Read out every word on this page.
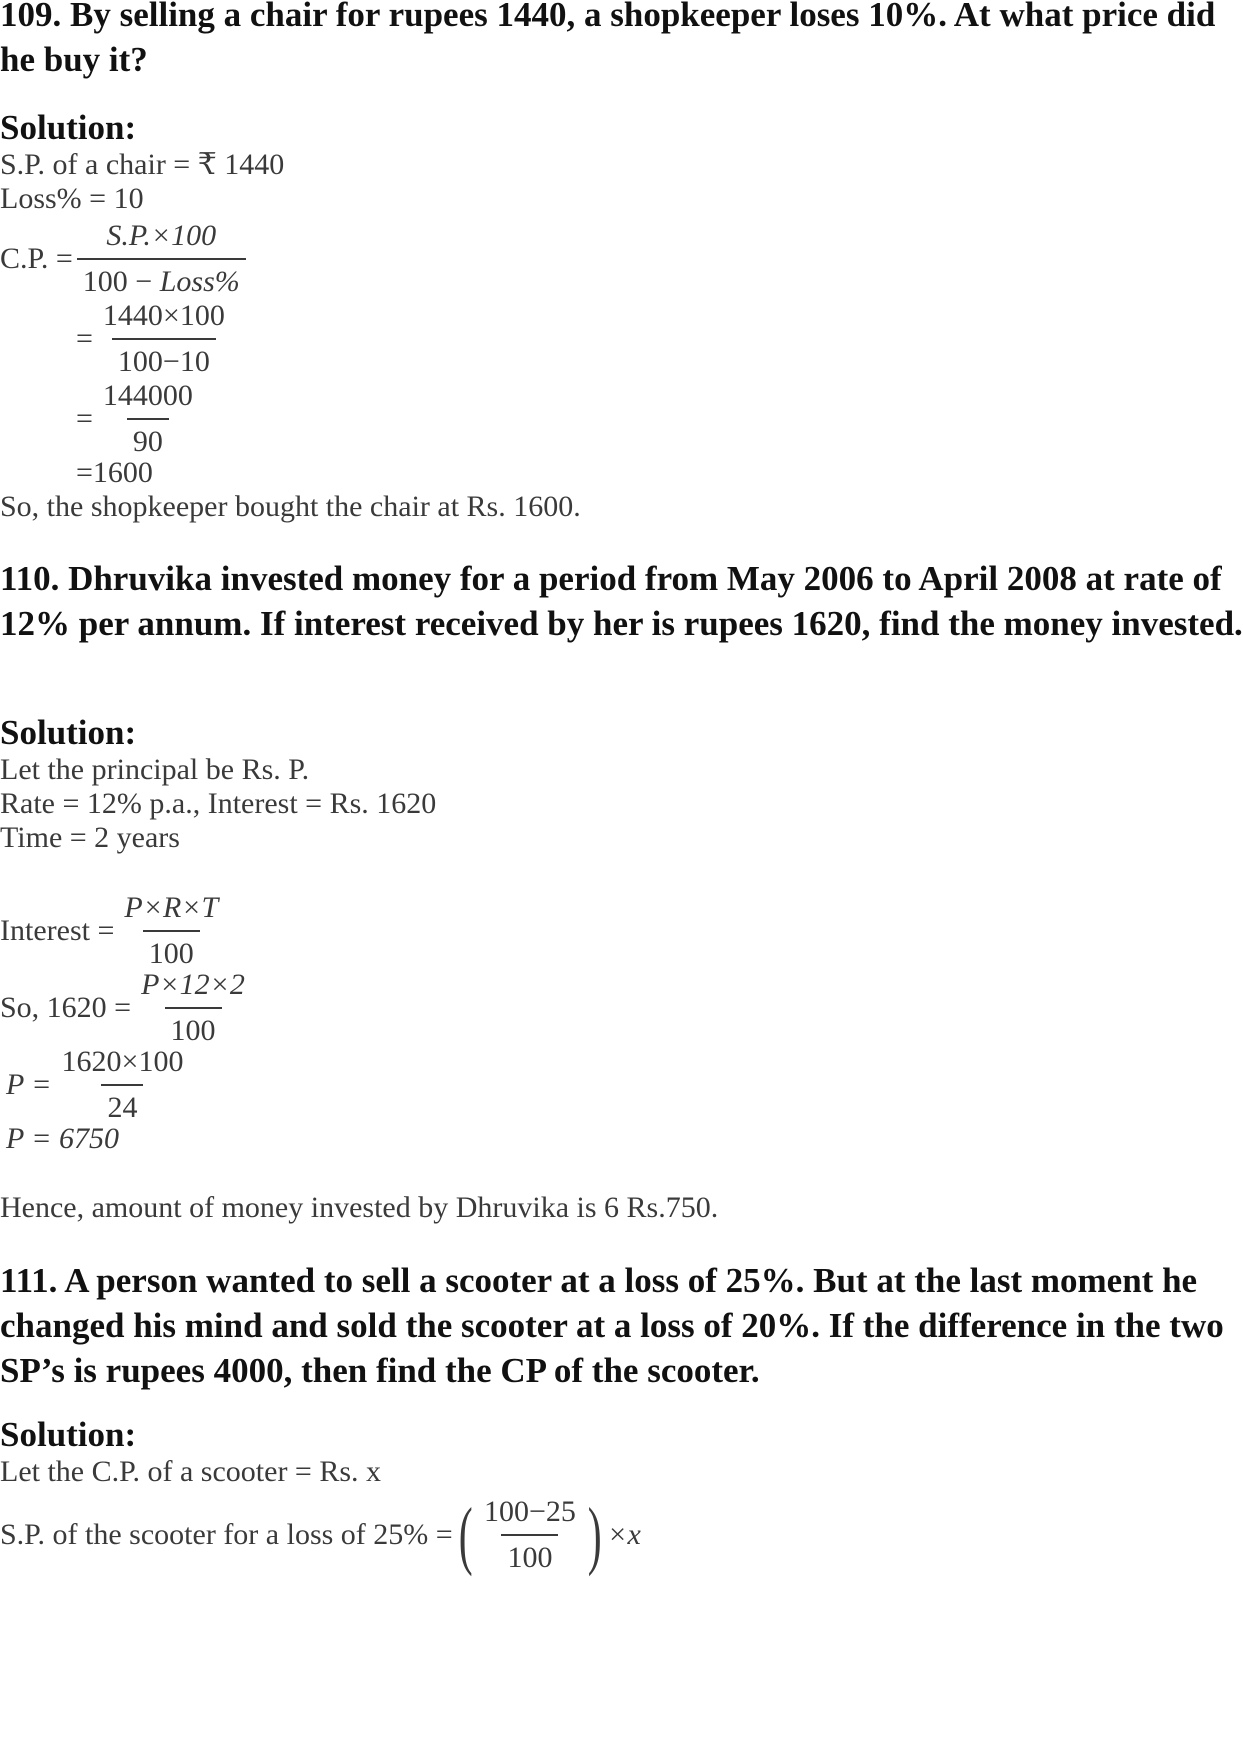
109. By selling a chair for rupees 1440, a shopkeeper loses 10%. At what price did he buy it?

Solution:

S.P. of a chair = ₹ 1440

Loss% = 10

C.P. = $\frac{S.P.\times 100}{\text{100 − Loss\%}}$
= $\frac{1440\times 100}{100-10}$
= $\frac{144000}{90}$

=1600

So, the shopkeeper bought the chair at Rs. 1600.

110. Dhruvika invested money for a period from May 2006 to April 2008 at rate of 12% per annum. If interest received by her is rupees 1620, find the money invested.

Solution:

Let the principal be Rs. P.

Rate = 12% p.a., Interest = Rs. 1620

Time = 2 years

Interest = $\frac{P\times R\times T}{100}$
So, $1620 = \frac{P\times 12\times 2}{100}$
$P = \frac{1620\times 100}{24}$

P = 6750

Hence, amount of money invested by Dhruvika is 6 Rs.750.

111. A person wanted to sell a scooter at a loss of 25%. But at the last moment he changed his mind and sold the scooter at a loss of 20%. If the difference in the two SP’s is rupees 4000, then find the CP of the scooter.

Solution:

Let the C.P. of a scooter = Rs. x

S.P. of the scooter for a loss of 25% = ( $\frac{100-25}{100}$ ) ×x
